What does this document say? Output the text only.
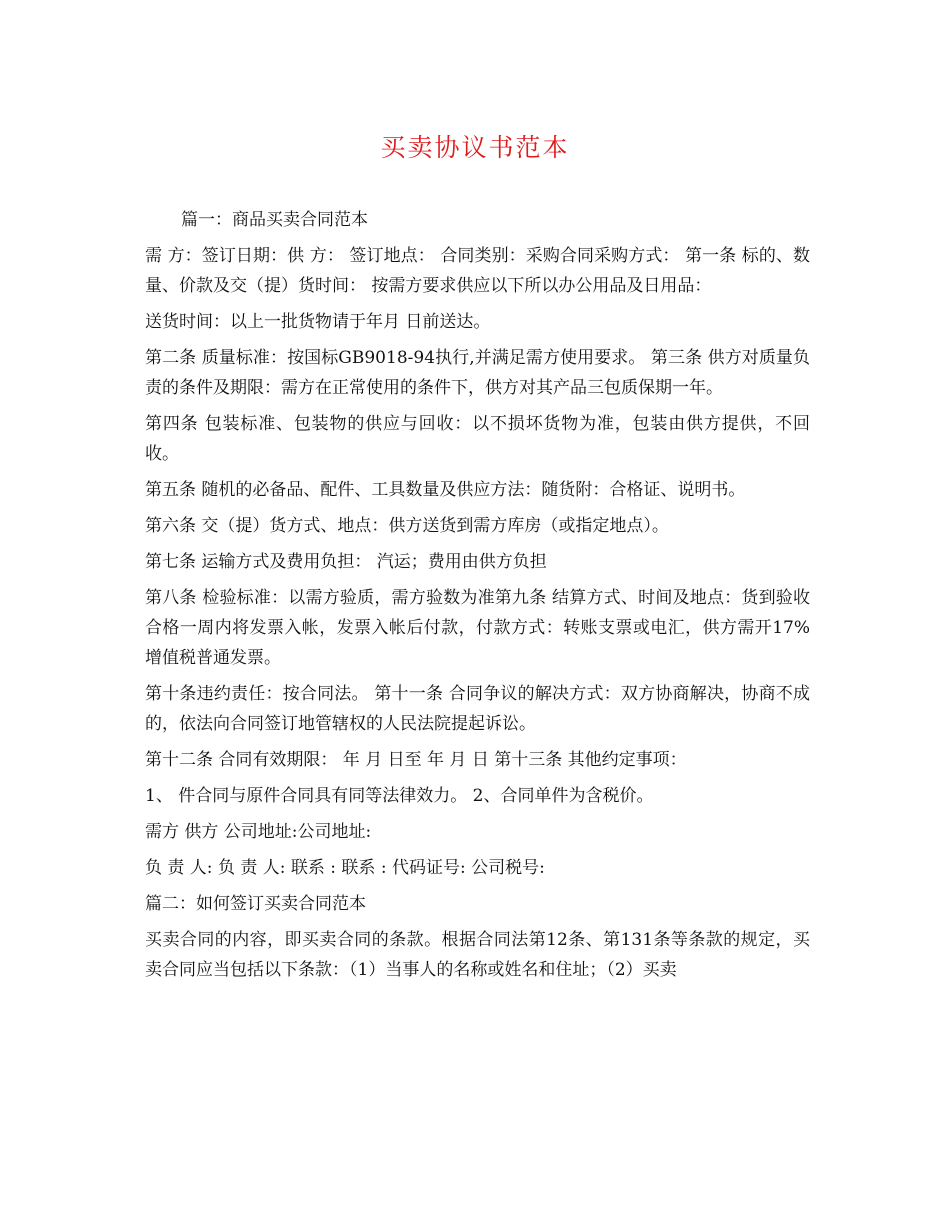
买卖协议书范本

篇一：商品买卖合同范本

需 方：签订日期：供 方： 签订地点： 合同类别：采购合同采购方式： 第一条 标的、数量、价款及交（提）货时间： 按需方要求供应以下所以办公用品及日用品：

送货时间：以上一批货物请于年月 日前送达。

第二条 质量标准：按国标GB9018-94执行,并满足需方使用要求。 第三条 供方对质量负责的条件及期限：需方在正常使用的条件下，供方对其产品三包质保期一年。

第四条 包装标准、包装物的供应与回收：以不损坏货物为准，包装由供方提供，不回收。

第五条 随机的必备品、配件、工具数量及供应方法：随货附：合格证、说明书。

第六条 交（提）货方式、地点：供方送货到需方库房（或指定地点）。

第七条 运输方式及费用负担： 汽运；费用由供方负担

第八条 检验标准：以需方验质，需方验数为准第九条 结算方式、时间及地点：货到验收合格一周内将发票入帐，发票入帐后付款，付款方式：转账支票或电汇，供方需开17%增值税普通发票。

第十条违约责任：按合同法。 第十一条 合同争议的解决方式：双方协商解决，协商不成的，依法向合同签订地管辖权的人民法院提起诉讼。

第十二条 合同有效期限： 年 月 日至 年 月 日 第十三条 其他约定事项：

1、 件合同与原件合同具有同等法律效力。 2、合同单件为含税价。

需方 供方 公司地址:公司地址:

负 责 人: 负 责 人: 联系 : 联系 : 代码证号: 公司税号:

篇二：如何签订买卖合同范本

买卖合同的内容，即买卖合同的条款。根据合同法第12条、第131条等条款的规定，买卖合同应当包括以下条款：（1）当事人的名称或姓名和住址；（2）买卖
